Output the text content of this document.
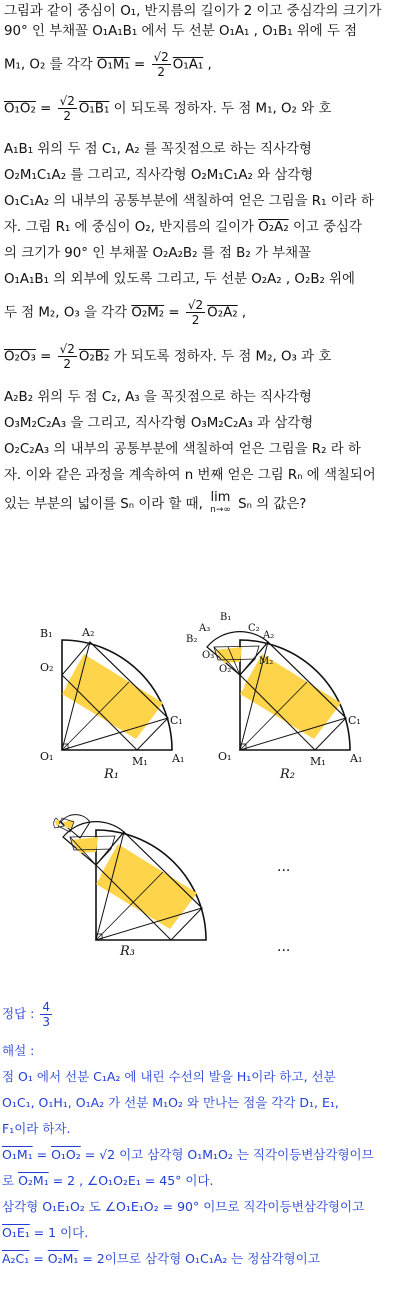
그림과 같이 중심이 O₁, 반지름의 길이가 2 이고 중심각의 크기가
90° 인 부채꼴 O₁A₁B₁ 에서 두 선분 O₁A₁ , O₁B₁ 위에 두 점
M₁, O₂ 를 각각 $O_1M_1 = \frac{√2}{2} O_1A_1$ ,
$O_1O_2 = \frac{√2}{2} O_1B_1$ 이 되도록 정하자. 두 점 M₁, O₂ 와 호
A₁B₁ 위의 두 점 C₁, A₂ 를 꼭짓점으로 하는 직사각형
O₂M₁C₁A₂ 를 그리고, 직사각형 O₂M₁C₁A₂ 와 삼각형
O₁C₁A₂ 의 내부의 공통부분에 색칠하여 얻은 그림을 R₁ 이라 하
자. 그림 R₁ 에 중심이 O₂, 반지름의 길이가 O₂A₂ 이고 중심각
의 크기가 90° 인 부채꼴 O₂A₂B₂ 를 점 B₂ 가 부채꼴
O₁A₁B₁ 의 외부에 있도록 그리고, 두 선분 O₂A₂ , O₂B₂ 위에
두 점 M₂, O₃ 을 각각 $O_2M_2 = \frac{√2}{2} O_2A_2$ ,
$O_2O_3 = \frac{√2}{2} O_2B_2$ 가 되도록 정하자. 두 점 M₂, O₃ 과 호
A₂B₂ 위의 두 점 C₂, A₃ 을 꼭짓점으로 하는 직사각형
O₃M₂C₂A₃ 을 그리고, 직사각형 O₃M₂C₂A₃ 과 삼각형
O₂C₂A₃ 의 내부의 공통부분에 색칠하여 얻은 그림을 R₂ 라 하
자. 이와 같은 과정을 계속하여 n 번째 얻은 그림 Rₙ 에 색칠되어
있는 부분의 넓이를 Sₙ 이라 할 때, lim
n→∞ Sₙ 의 값은?
B₁	A₂
O₂
C₁
O₁	M₁ A₁
R₁
B₁
A₃	C₂
A₂
B₂
O₃
M₂
O₂
C₁
O₁	M₁ A₁
R₂
R₃
···
···
정답 : $\frac{4}{3}$
해설 :
점 O₁ 에서 선분 C₁A₂ 에 내린 수선의 발을 H₁이라 하고, 선분
O₁C₁, O₁H₁, O₁A₂ 가 선분 M₁O₂ 와 만나는 점을 각각 D₁, E₁,
F₁이라 하자.
O₁M₁ = O₁O₂ = √2 이고 삼각형 O₁M₁O₂ 는 직각이등변삼각형이므
로 O₂M₁ = 2 , ∠O₁O₂E₁ = 45° 이다.
삼각형 O₁E₁O₂ 도 ∠O₁E₁O₂ = 90° 이므로 직각이등변삼각형이고
O₁E₁ = 1 이다.
A₂C₁ = O₂M₁ = 2이므로 삼각형 O₁C₁A₂ 는 정삼각형이고
